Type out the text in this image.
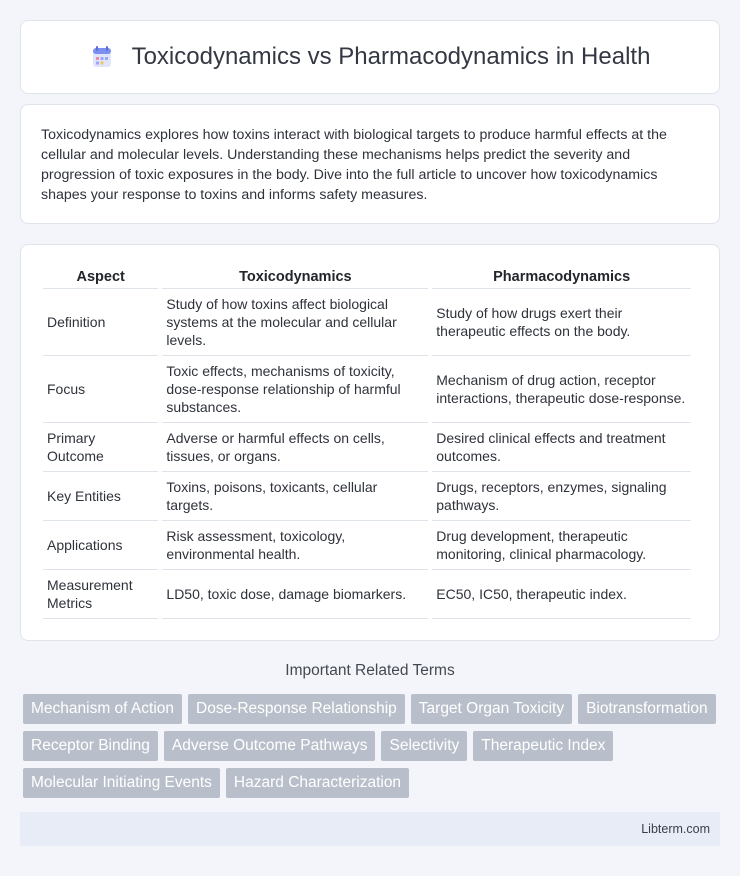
Toxicodynamics vs Pharmacodynamics in Health

Toxicodynamics explores how toxins interact with biological targets to produce harmful effects at the cellular and molecular levels. Understanding these mechanisms helps predict the severity and progression of toxic exposures in the body. Dive into the full article to uncover how toxicodynamics shapes your response to toxins and informs safety measures.

Aspect	Toxicodynamics	Pharmacodynamics
Definition	Study of how toxins affect biological systems at the molecular and cellular levels.	Study of how drugs exert their therapeutic effects on the body.
Focus	Toxic effects, mechanisms of toxicity, dose-response relationship of harmful substances.	Mechanism of drug action, receptor interactions, therapeutic dose-response.
Primary Outcome	Adverse or harmful effects on cells, tissues, or organs.	Desired clinical effects and treatment outcomes.
Key Entities	Toxins, poisons, toxicants, cellular targets.	Drugs, receptors, enzymes, signaling pathways.
Applications	Risk assessment, toxicology, environmental health.	Drug development, therapeutic monitoring, clinical pharmacology.
Measurement Metrics	LD50, toxic dose, damage biomarkers.	EC50, IC50, therapeutic index.
Important Related Terms
Mechanism of Action	Dose-Response Relationship	Target Organ Toxicity	Biotransformation
Receptor Binding	Adverse Outcome Pathways	Selectivity	Therapeutic Index
Molecular Initiating Events	Hazard Characterization
Libterm.com
